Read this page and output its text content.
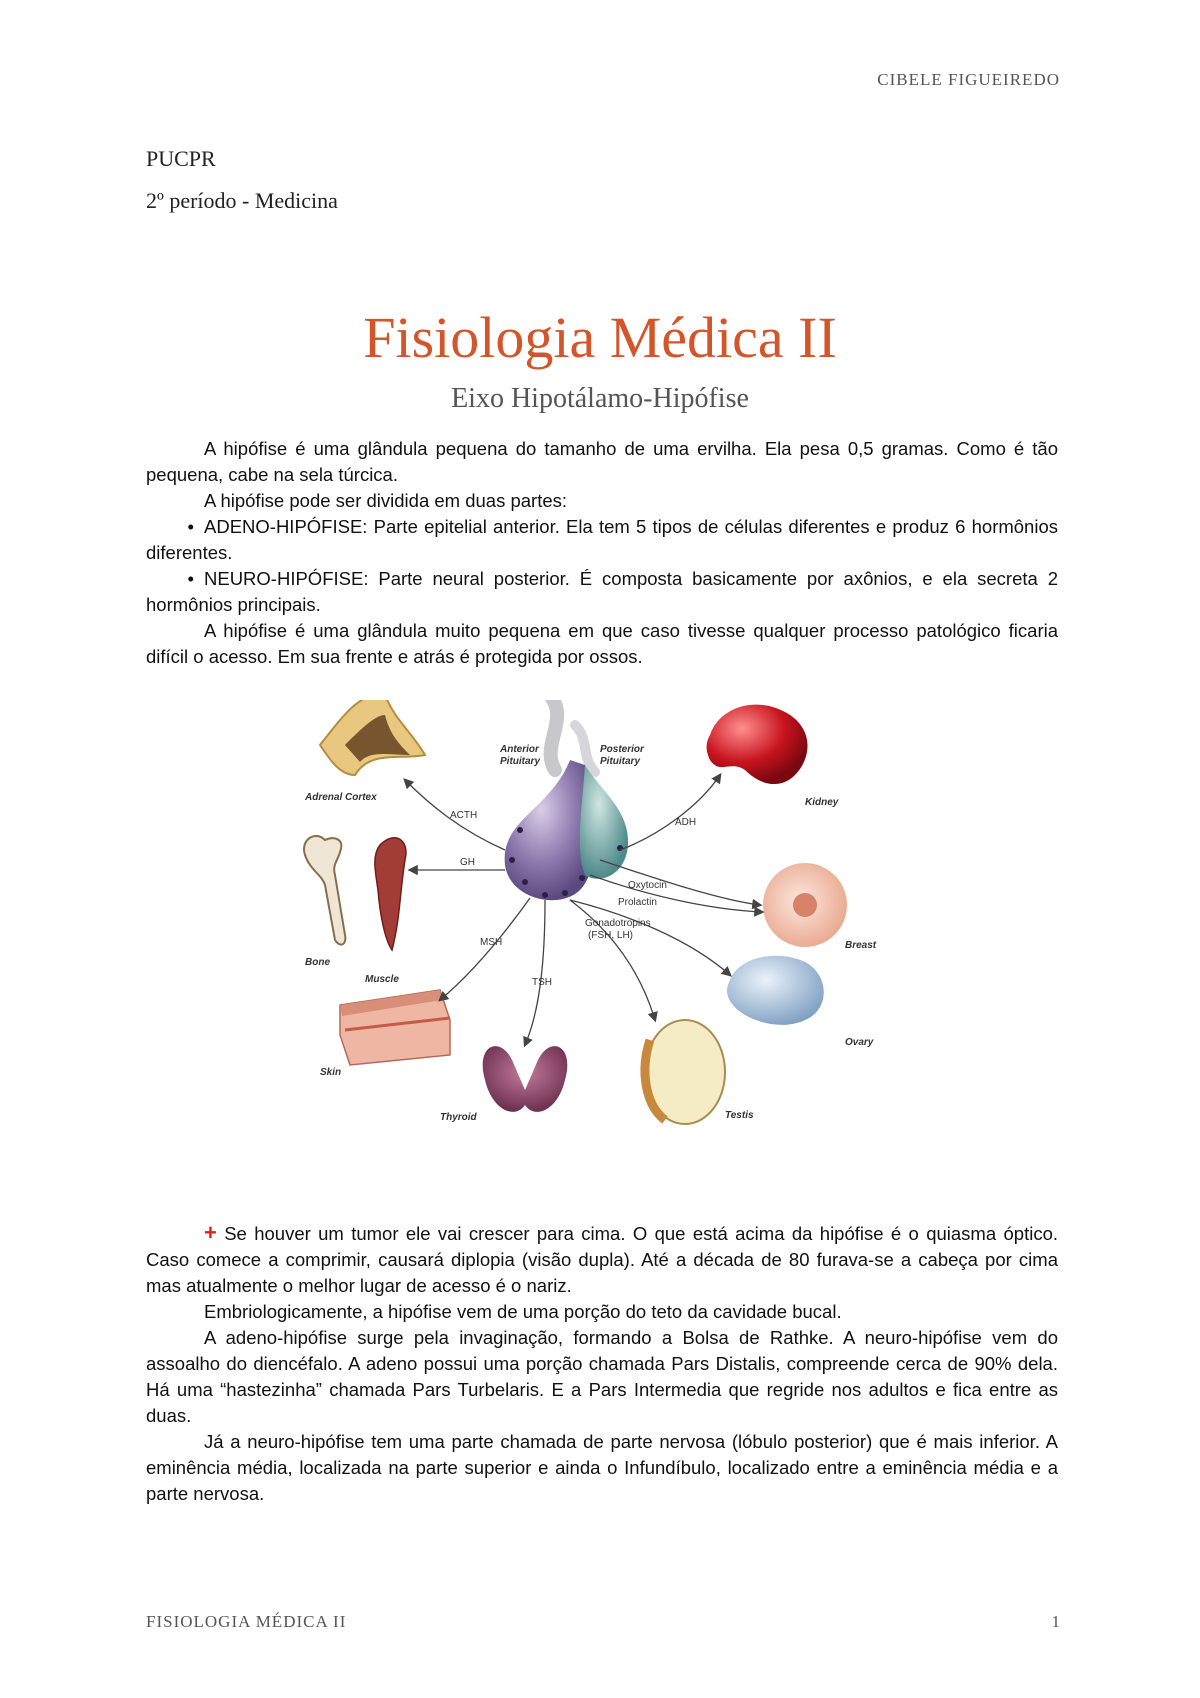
CIBELE FIGUEIREDO
PUCPR
2º período - Medicina
Fisiologia Médica II
Eixo Hipotálamo-Hipófise

A hipófise é uma glândula pequena do tamanho de uma ervilha. Ela pesa 0,5 gramas. Como é tão pequena, cabe na sela túrcica.

A hipófise pode ser dividida em duas partes:

• ADENO-HIPÓFISE: Parte epitelial anterior. Ela tem 5 tipos de células diferentes e produz 6 hormônios diferentes.

• NEURO-HIPÓFISE: Parte neural posterior. É composta basicamente por axônios, e ela secreta 2 hormônios principais.

A hipófise é uma glândula muito pequena em que caso tivesse qualquer processo patológico ficaria difícil o acesso. Em sua frente e atrás é protegida por ossos.

Anterior Pituitary
Posterior Pituitary
Adrenal Cortex	Kidney
Bone
Muscle
Breast
Skin
Ovary
Thyroid	Testis
ACTH
ADH
GH
Oxytocin
Prolactin
Gonadotropins
(FSH, LH)
MSH
TSH

+ Se houver um tumor ele vai crescer para cima. O que está acima da hipófise é o quiasma óptico. Caso comece a comprimir, causará diplopia (visão dupla). Até a década de 80 furava-se a cabeça por cima mas atualmente o melhor lugar de acesso é o nariz.

Embriologicamente, a hipófise vem de uma porção do teto da cavidade bucal.

A adeno-hipófise surge pela invaginação, formando a Bolsa de Rathke. A neuro-hipófise vem do assoalho do diencéfalo. A adeno possui uma porção chamada Pars Distalis, compreende cerca de 90% dela. Há uma “hastezinha” chamada Pars Turbelaris. E a Pars Intermedia que regride nos adultos e fica entre as duas.

Já a neuro-hipófise tem uma parte chamada de parte nervosa (lóbulo posterior) que é mais inferior. A eminência média, localizada na parte superior e ainda o Infundíbulo, localizado entre a eminência média e a parte nervosa.

FISIOLOGIA MÉDICA II	1
